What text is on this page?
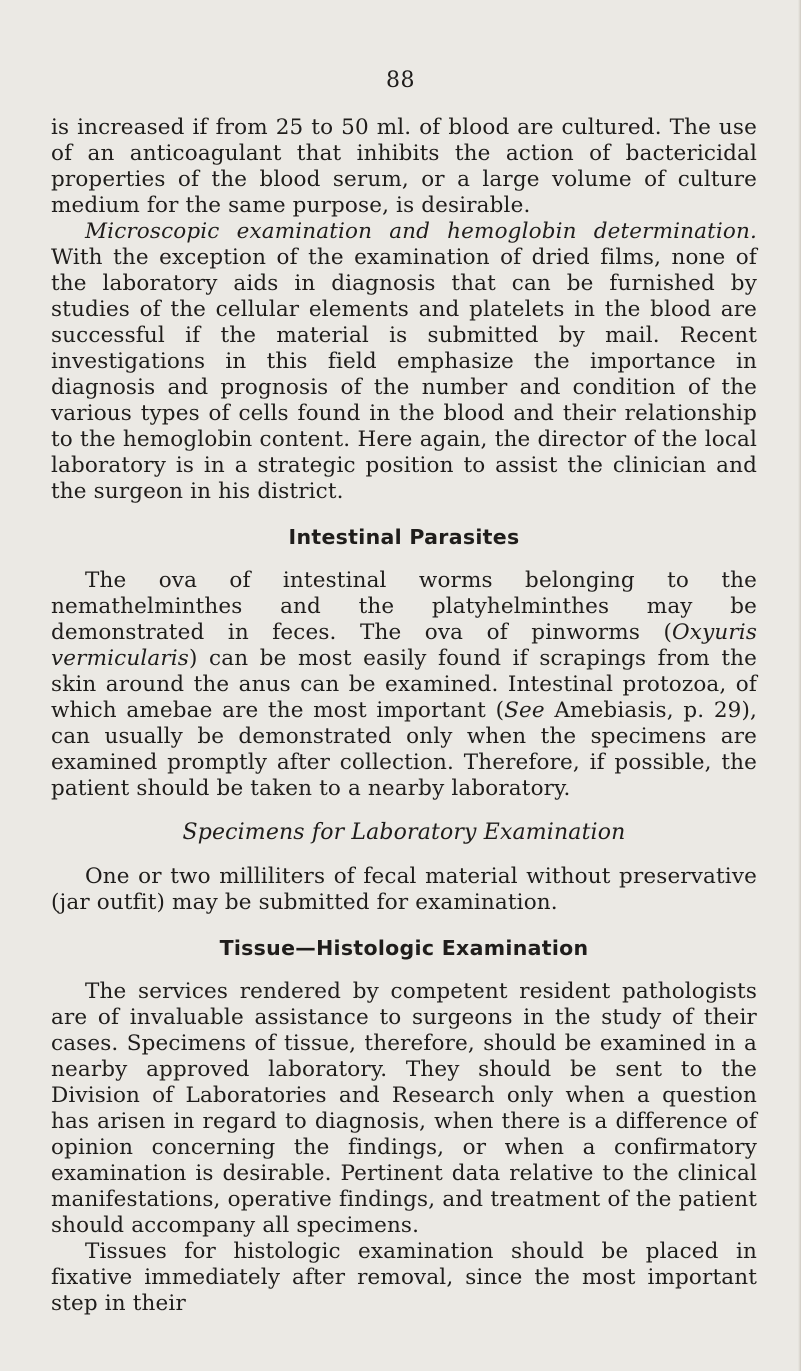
88

is increased if from 25 to 50 ml. of blood are cultured. The use of an anticoagulant that inhibits the action of bactericidal properties of the blood serum, or a large volume of culture medium for the same purpose, is desirable.

Microscopic examination and hemoglobin determination. With the exception of the examination of dried films, none of the laboratory aids in diagnosis that can be furnished by studies of the cellular elements and platelets in the blood are successful if the material is submitted by mail. Recent investigations in this field emphasize the importance in diagnosis and prognosis of the number and condition of the various types of cells found in the blood and their relationship to the hemoglobin content. Here again, the director of the local laboratory is in a strategic position to assist the clinician and the surgeon in his district.

Intestinal Parasites

The ova of intestinal worms belonging to the nemathelminthes and the platyhelminthes may be demonstrated in feces. The ova of pinworms (Oxyuris vermicularis) can be most easily found if scrapings from the skin around the anus can be examined. Intestinal protozoa, of which amebae are the most important (See Amebiasis, p. 29), can usually be demonstrated only when the specimens are examined promptly after collection. Therefore, if possible, the patient should be taken to a nearby laboratory.

Specimens for Laboratory Examination

One or two milliliters of fecal material without preservative (jar outfit) may be submitted for examination.

Tissue—Histologic Examination

The services rendered by competent resident pathologists are of invaluable assistance to surgeons in the study of their cases. Specimens of tissue, therefore, should be examined in a nearby approved laboratory. They should be sent to the Division of Laboratories and Research only when a question has arisen in regard to diagnosis, when there is a difference of opinion concerning the findings, or when a confirmatory examination is desirable. Pertinent data relative to the clinical manifestations, operative findings, and treatment of the patient should accompany all specimens.

Tissues for histologic examination should be placed in fixative immediately after removal, since the most important step in their
